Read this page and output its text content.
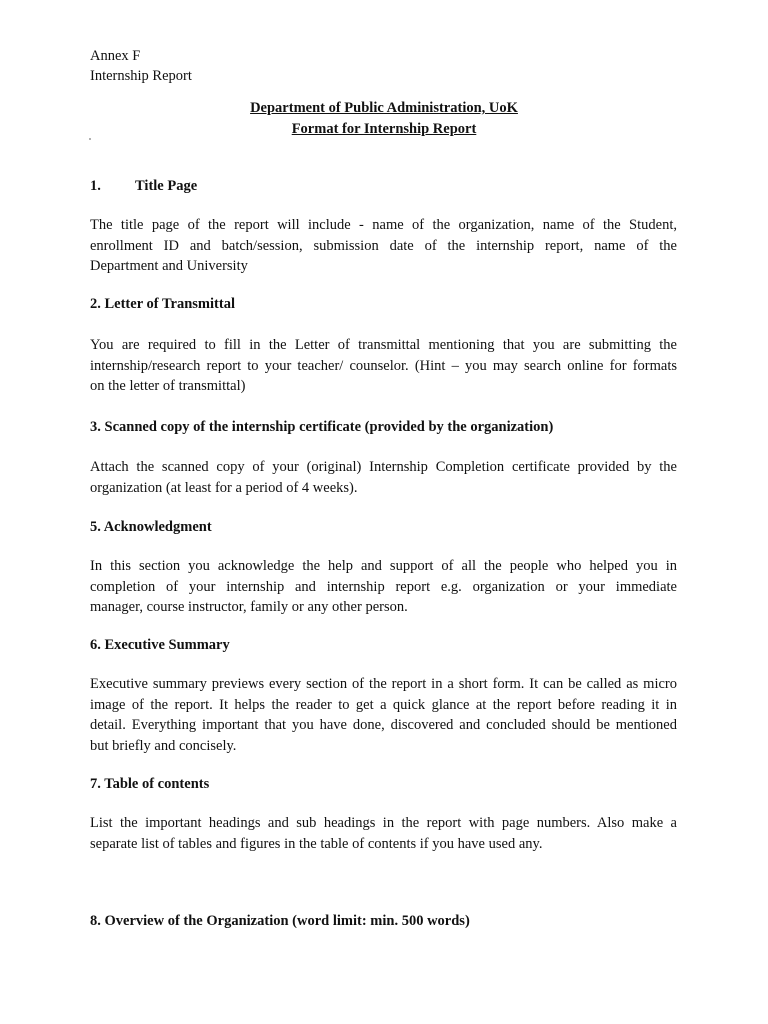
Annex F
Internship Report
Department of Public Administration, UoK
Format for Internship Report
1. Title Page
The title page of the report will include - name of the organization, name of the Student,
enrollment ID and batch/session, submission date of the internship report, name of the
Department and University
2. Letter of Transmittal
You are required to fill in the Letter of transmittal mentioning that you are submitting the
internship/research report to your teacher/ counselor. (Hint – you may search online for formats
on the letter of transmittal)
3. Scanned copy of the internship certificate (provided by the organization)
Attach the scanned copy of your (original) Internship Completion certificate provided by the
organization (at least for a period of 4 weeks).
5. Acknowledgment
In this section you acknowledge the help and support of all the people who helped you in
completion of your internship and internship report e.g. organization or your immediate
manager, course instructor, family or any other person.
6. Executive Summary
Executive summary previews every section of the report in a short form. It can be called as micro
image of the report. It helps the reader to get a quick glance at the report before reading it in
detail. Everything important that you have done, discovered and concluded should be mentioned
but briefly and concisely.
7. Table of contents
List the important headings and sub headings in the report with page numbers. Also make a
separate list of tables and figures in the table of contents if you have used any.
8. Overview of the Organization (word limit: min. 500 words)
